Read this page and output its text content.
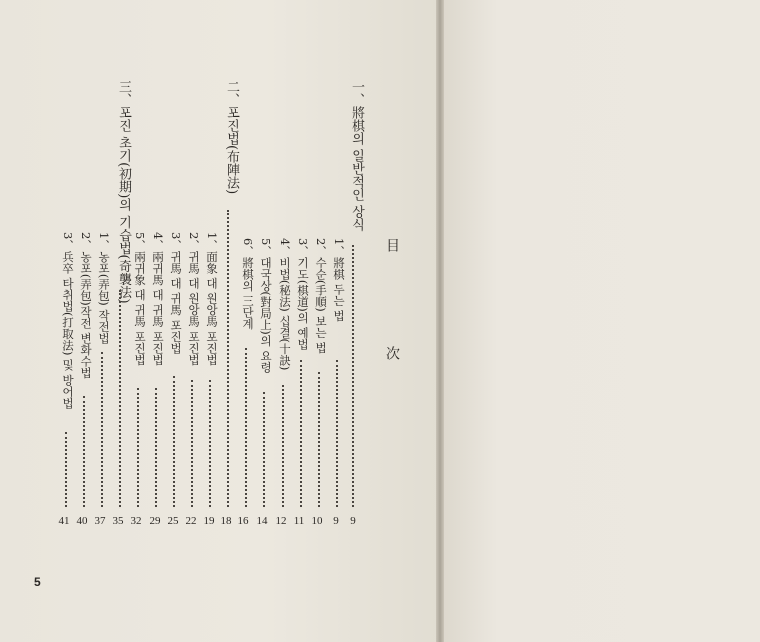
目　次
一、將棋의 일반적인 상식
9
1、將棋 두는 법
9
2、수순(手順) 보는 법
10
3、기도(棋道)의 예법
11
4、비법(秘法) 십결(十訣)
12
5、대국상(對局上)의 요령
14
6、將棋의 三단계
16
二、포진법(布陣法)
18
1、面象 대 원앙馬 포진법
19
2、귀馬 대 원앙馬 포진법
22
3、귀馬 대 귀馬 포진법
25
4、兩귀馬 대 귀馬 포진법
29
5、兩귀象 대 귀馬 포진법
32
三、포진 초기(初期)의 기습법(奇襲法)
35
1、농포(弄包) 작전법
37
2、농포(弄包)작전 변화수법
40
3、兵卒 타취법(打取法) 및 방어법
41
5
